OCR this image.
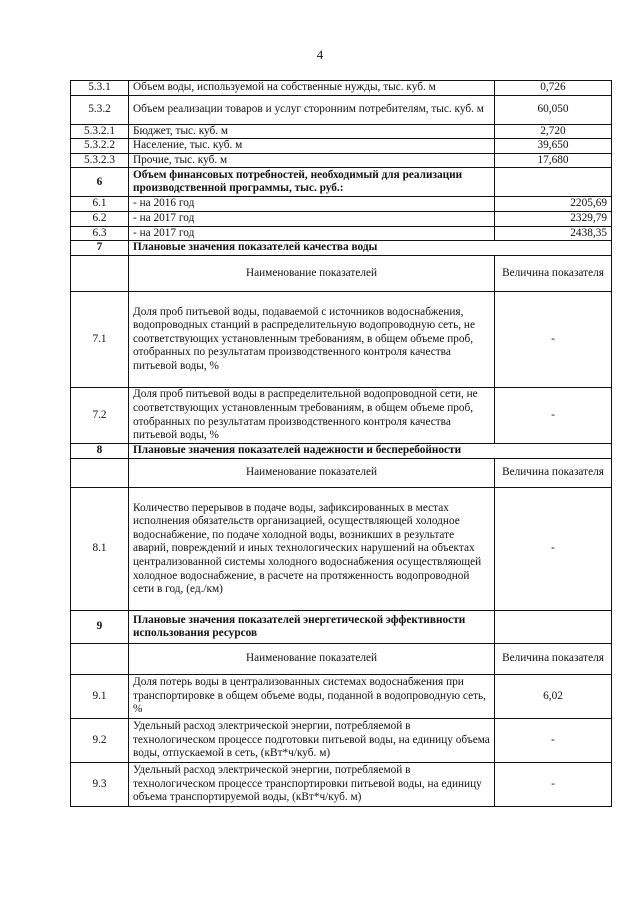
4
5.3.1	Объем воды, используемой на собственные нужды, тыс. куб. м	0,726
5.3.2	Объем реализации товаров и услуг сторонним потребителям, тыс. куб. м	60,050
5.3.2.1	Бюджет, тыс. куб. м	2,720
5.3.2.2	Население, тыс. куб. м	39,650
5.3.2.3	Прочие, тыс. куб. м	17,680
6	Объем финансовых потребностей, необходимый для реализации производственной программы, тыс. руб.:	
6.1	- на 2016 год	2205,69
6.2	- на 2017 год	2329,79
6.3	- на 2017 год	2438,35
7	Плановые значения показателей качества воды	
	Наименование показателей	Величина показателя
7.1	Доля проб питьевой воды, подаваемой с источников водоснабжения, водопроводных станций в распределительную водопроводную сеть, не соответствующих установленным требованиям, в общем объеме проб, отобранных по результатам производственного контроля качества питьевой воды, %	-
7.2	Доля проб питьевой воды в распределительной водопроводной сети, не соответствующих установленным требованиям, в общем объеме проб, отобранных по результатам производственного контроля качества питьевой воды, %	-
8	Плановые значения показателей надежности и бесперебойности	
	Наименование показателей	Величина показателя
8.1	Количество перерывов в подаче воды, зафиксированных в местах исполнения обязательств организацией, осуществляющей холодное водоснабжение, по подаче холодной воды, возникших в результате аварий, повреждений и иных технологических нарушений на объектах централизованной системы холодного водоснабжения осуществляющей холодное водоснабжение, в расчете на протяженность водопроводной сети в год, (ед./км)	-
9	Плановые значения показателей энергетической эффективности использования ресурсов	
	Наименование показателей	Величина показателя
9.1	Доля потерь воды в централизованных системах водоснабжения при транспортировке в общем объеме воды, поданной в водопроводную сеть, %	6,02
9.2	Удельный расход электрической энергии, потребляемой в технологическом процессе подготовки питьевой воды, на единицу объема воды, отпускаемой в сеть, (кВт*ч/куб. м)	-
9.3	Удельный расход электрической энергии, потребляемой в технологическом процессе транспортировки питьевой воды, на единицу объема транспортируемой воды, (кВт*ч/куб. м)	-
